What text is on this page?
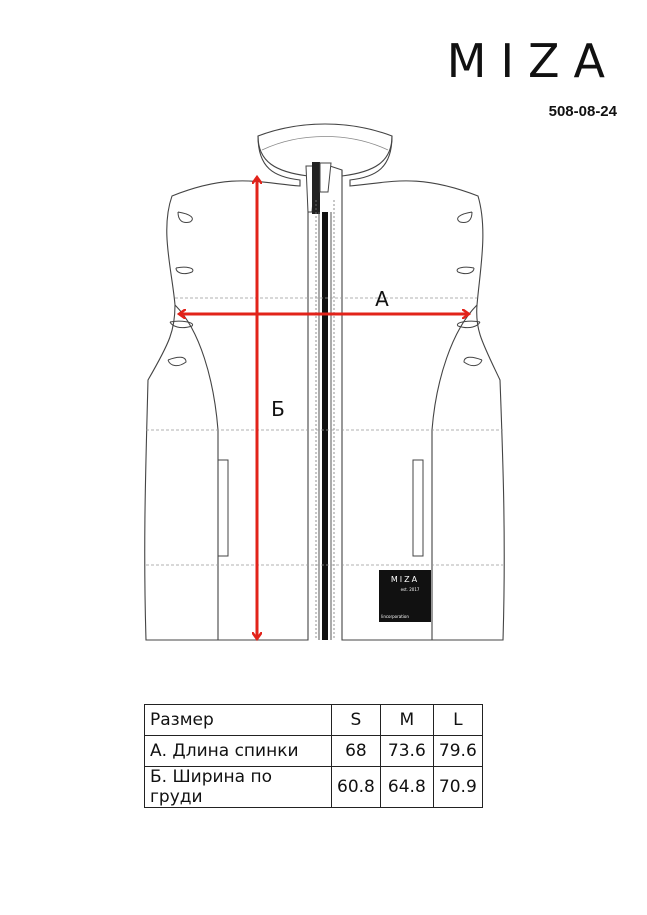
MIZA
508-08-24
MIZA
est. 2017
lincorporation
А
Б
Размер	S	M	L
А. Длина спинки	68	73.6	79.6
Б. Ширина по груди	60.8	64.8	70.9
